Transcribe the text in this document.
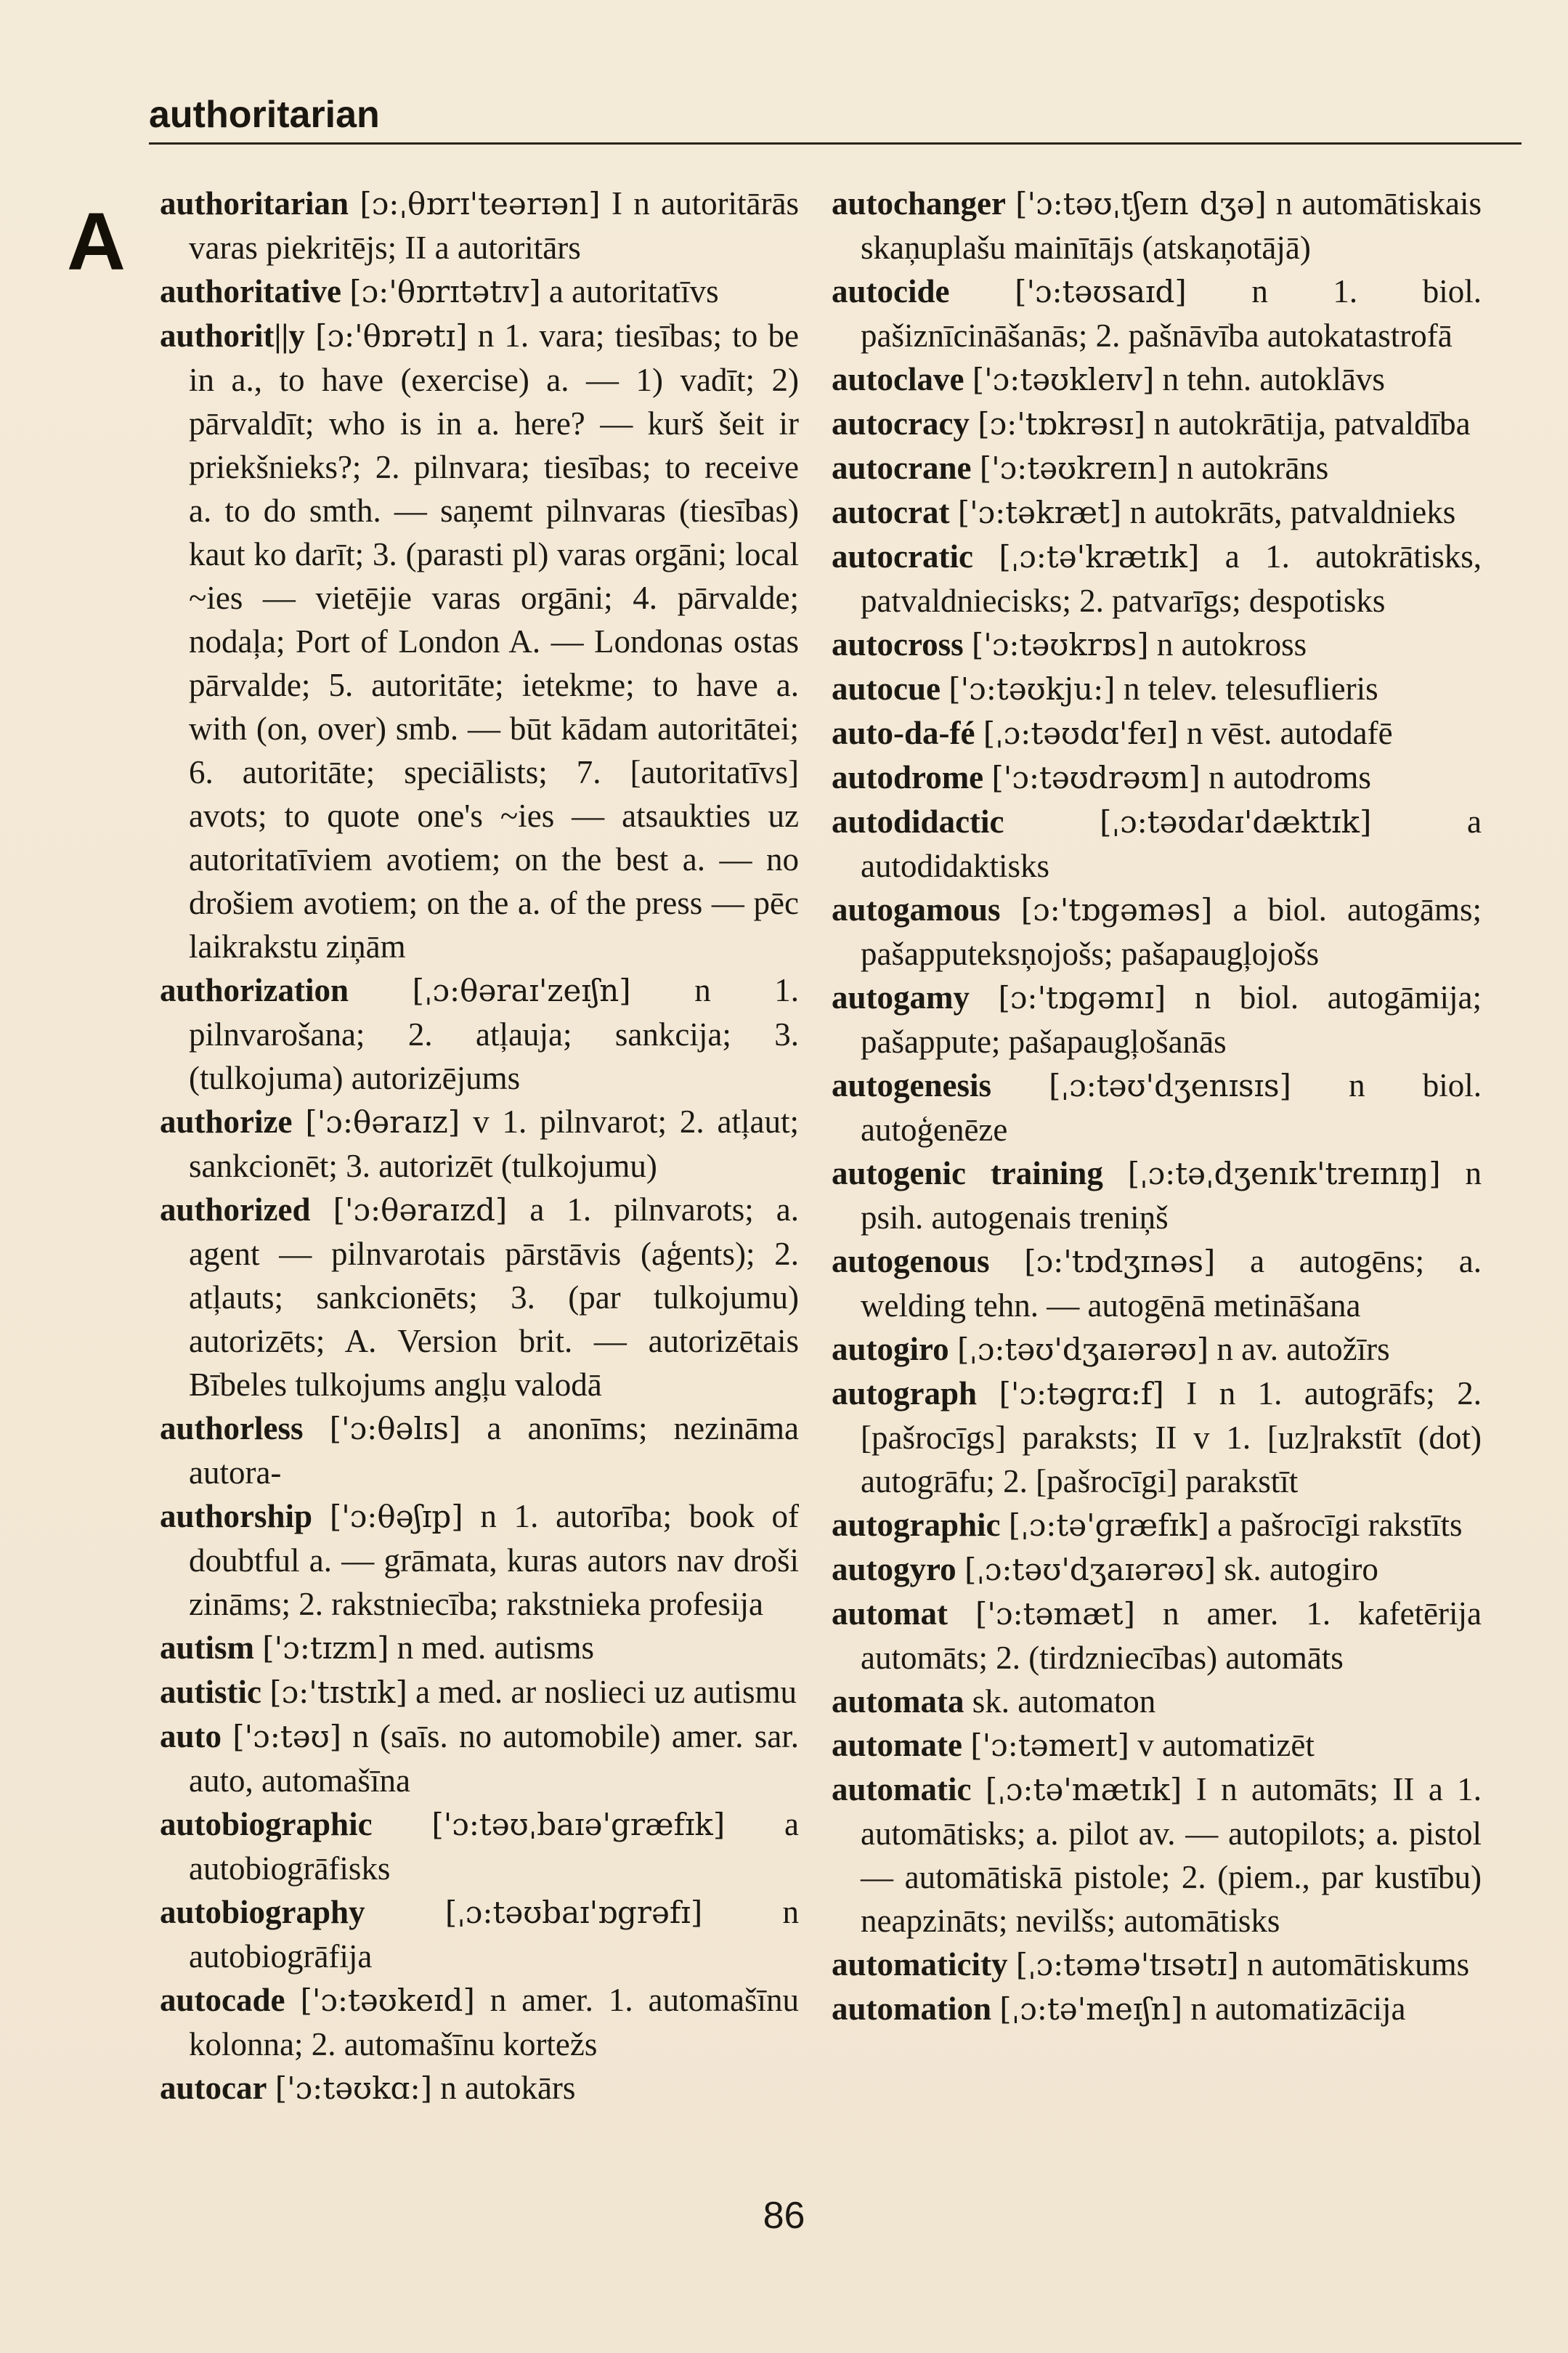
authoritarian
A authoritarian [ɔ:ˌθɒrɪ'teərɪən] I n autoritārās varas piekritējs; II a autoritārs

authoritative [ɔ:'θɒrɪtətɪv] a autoritatīvs

authorit||y [ɔ:'θɒrətɪ] n 1. vara; tiesības; to be in a., to have (exercise) a. — 1) vadīt; 2) pārvaldīt; who is in a. here? — kurš šeit ir priekšnieks?; 2. pilnvara; tiesības; to receive a. to do smth. — saņemt pilnvaras (tiesības) kaut ko darīt; 3. (parasti pl) varas orgāni; local ~ies — vietējie varas orgāni; 4. pārvalde; nodaļa; Port of London A. — Londonas ostas pārvalde; 5. autoritāte; ietekme; to have a. with (on, over) smb. — būt kādam autoritātei; 6. autoritāte; speciālists; 7. [autoritatīvs] avots; to quote one's ~ies — atsaukties uz autoritatīviem avotiem; on the best a. — no drošiem avotiem; on the a. of the press — pēc laikrakstu ziņām

authorization [ˌɔ:θəraɪ'zeɪʃn] n 1. pilnvarošana; 2. atļauja; sankcija; 3. (tulkojuma) autorizējums

authorize ['ɔ:θəraɪz] v 1. pilnvarot; 2. atļaut; sankcionēt; 3. autorizēt (tulkojumu)

authorized ['ɔ:θəraɪzd] a 1. pilnvarots; a. agent — pilnvarotais pārstāvis (aģents); 2. atļauts; sankcionēts; 3. (par tulkojumu) autorizēts; A. Version brit. — autorizētais Bībeles tulkojums angļu valodā

authorless ['ɔ:θəlɪs] a anonīms; nezināma autora-

authorship ['ɔ:θəʃɪp] n 1. autorība; book of doubtful a. — grāmata, kuras autors nav droši zināms; 2. rakstniecība; rakstnieka profesija

autism ['ɔ:tɪzm] n med. autisms

autistic [ɔ:'tɪstɪk] a med. ar noslieci uz autismu

auto ['ɔ:təʊ] n (saīs. no automobile) amer. sar. auto, automašīna

autobiographic ['ɔ:təʊˌbaɪə'græfɪk] a autobiogrāfisks

autobiography	[ˌɔ:təʊbaɪ'ɒgrəfɪ] n autobiogrāfija

autocade ['ɔ:təʊkeɪd] n amer. 1. automašīnu kolonna; 2. automašīnu kortežs

autocar ['ɔ:təʊkɑ:] n autokārs

autochanger ['ɔ:təʊˌtʃeɪn dʒə] n automātiskais skaņuplašu mainītājs (atskaņotājā)

autocide ['ɔ:təʊsaɪd] n 1. biol. pašiznīcināšanās; 2. pašnāvība autokatastrofā

autoclave ['ɔ:təʊkleɪv] n tehn. autoklāvs

autocracy [ɔ:'tɒkrəsɪ] n autokrātija, patvaldība

autocrane ['ɔ:təʊkreɪn] n autokrāns

autocrat ['ɔ:təkræt] n autokrāts, patvaldnieks

autocratic [ˌɔ:tə'krætɪk] a 1. autokrātisks, patvaldniecisks; 2. patvarīgs; despotisks

autocross ['ɔ:təʊkrɒs] n autokross

autocue ['ɔ:təʊkju:] n telev. telesuflieris

auto-da-fé [ˌɔ:təʊdɑ'feɪ] n vēst. autodafē

autodrome ['ɔ:təʊdrəʊm] n autodroms

autodidactic	[ˌɔ:təʊdaɪ'dæktɪk]	a autodidaktisks

autogamous [ɔ:'tɒgəməs] a biol. autogāms; pašapputeksņojošs; pašapaugļojošs

autogamy [ɔ:'tɒgəmɪ] n biol. autogāmija; pašapputе; pašapaugļošanās

autogenesis [ˌɔ:təʊ'dʒenɪsɪs] n biol. autoģenēze

autogenic training [ˌɔ:təˌdʒenɪk'treɪnɪŋ] n psih. autogenais treniņš

autogenous [ɔ:'tɒdʒɪnəs] a autogēns; a. welding tehn. — autogēnā metināšana

autogiro [ˌɔ:təʊ'dʒaɪərəʊ] n av. autožīrs

autograph ['ɔ:təgrɑ:f] I n 1. autogrāfs; 2. [pašrocīgs] paraksts; II v 1. [uz]rakstīt (dot) autogrāfu; 2. [pašrocīgi] parakstīt

autographic [ˌɔ:tə'græfɪk] a pašrocīgi rakstīts

autogyro [ˌɔ:təʊ'dʒaɪərəʊ] sk. autogiro

automat ['ɔ:təmæt] n amer. 1. kafetērija automāts; 2. (tirdzniecības) automāts

automata sk. automaton

automate ['ɔ:təmeɪt] v automatizēt

automatic [ˌɔ:tə'mætɪk] I n automāts; II a 1. automātisks; a. pilot av. — autopilots; a. pistol — automātiskā pistole; 2. (piem., par kustību) neapzināts; nevilšs; automātisks

automaticity [ˌɔ:təmə'tɪsətɪ] n automātiskums

automation [ˌɔ:tə'meɪʃn] n automatizācija

86
